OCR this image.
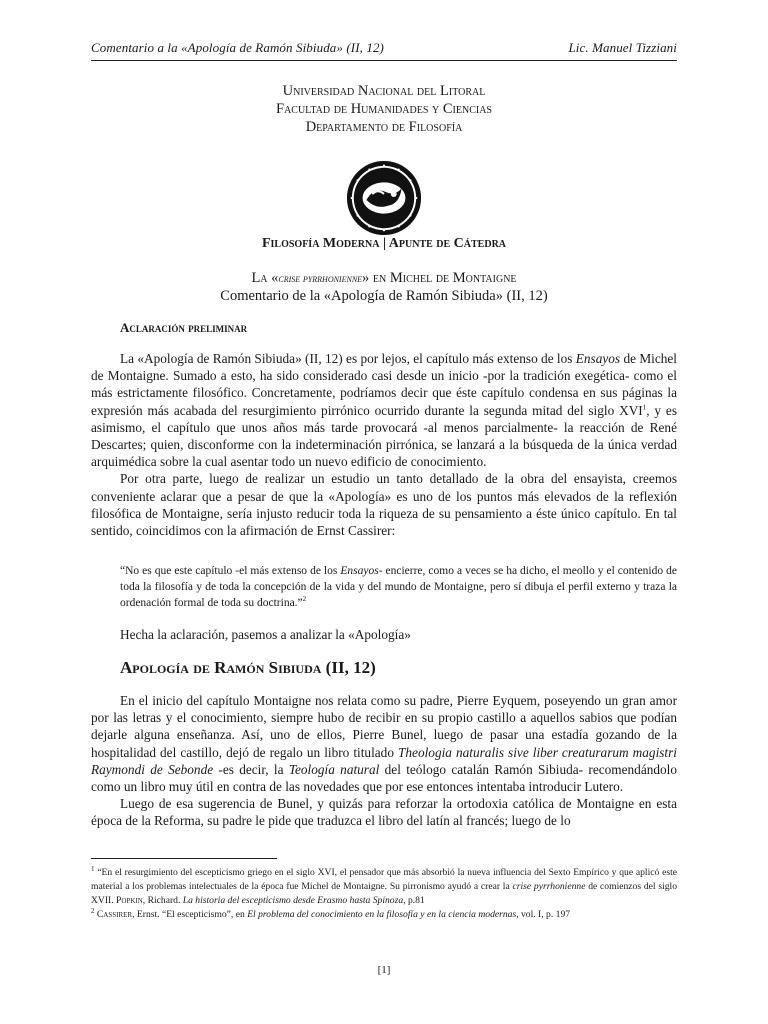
Comentario a la «Apología de Ramón Sibiuda» (II, 12)	Lic. Manuel Tizziani
Universidad Nacional del Litoral
Facultad de Humanidades y Ciencias
Departamento de Filosofía
Filosofía Moderna | Apunte de Cátedra
La «crise pyrrhonienne» en Michel de Montaigne
Comentario de la «Apología de Ramón Sibiuda» (II, 12)
Aclaración preliminar

La «Apología de Ramón Sibiuda» (II, 12) es por lejos, el capítulo más extenso de los Ensayos de Michel de Montaigne. Sumado a esto, ha sido considerado casi desde un inicio -por la tradición exegética- como el más estrictamente filosófico. Concretamente, podríamos decir que éste capítulo condensa en sus páginas la expresión más acabada del resurgimiento pirrónico ocurrido durante la segunda mitad del siglo XVI$^1$, y es asimismo, el capítulo que unos años más tarde provocará -al menos parcialmente- la reacción de René Descartes; quien, disconforme con la indeterminación pirrónica, se lanzará a la búsqueda de la única verdad arquimédica sobre la cual asentar todo un nuevo edificio de conocimiento.

Por otra parte, luego de realizar un estudio un tanto detallado de la obra del ensayista, creemos conveniente aclarar que a pesar de que la «Apología» es uno de los puntos más elevados de la reflexión filosófica de Montaigne, sería injusto reducir toda la riqueza de su pensamiento a éste único capítulo. En tal sentido, coincidimos con la afirmación de Ernst Cassirer:

“No es que este capítulo -el más extenso de los Ensayos- encierre, como a veces se ha dicho, el meollo y el contenido de toda la filosofía y de toda la concepción de la vida y del mundo de Montaigne, pero sí dibuja el perfil externo y traza la ordenación formal de toda su doctrina.”$^2$
Hecha la aclaración, pasemos a analizar la «Apología»
Apología de Ramón Sibiuda (II, 12)

En el inicio del capítulo Montaigne nos relata como su padre, Pierre Eyquem, poseyendo un gran amor por las letras y el conocimiento, siempre hubo de recibir en su propio castillo a aquellos sabios que podían dejarle alguna enseñanza. Así, uno de ellos, Pierre Bunel, luego de pasar una estadía gozando de la hospitalidad del castillo, dejó de regalo un libro titulado Theologia naturalis sive liber creaturarum magistri Raymondi de Sebonde -es decir, la Teología natural del teólogo catalán Ramón Sibiuda- recomendándolo como un libro muy útil en contra de las novedades que por ese entonces intentaba introducir Lutero.

Luego de esa sugerencia de Bunel, y quizás para reforzar la ortodoxia católica de Montaigne en esta época de la Reforma, su padre le pide que traduzca el libro del latín al francés; luego de lo

$^1$ “En el resurgimiento del escepticismo griego en el siglo XVI, el pensador que más absorbió la nueva influencia del Sexto Empírico y que aplicó este material a los problemas intelectuales de la época fue Michel de Montaigne. Su pirronismo ayudó a crear la crise pyrrhonienne de comienzos del siglo XVII. Popkin, Richard. La historia del escepticismo desde Erasmo hasta Spinoza, p.81

$^2$ Cassirer, Ernst. “El escepticismo”, en El problema del conocimiento en la filosofía y en la ciencia modernas, vol. I, p. 197

[1]
